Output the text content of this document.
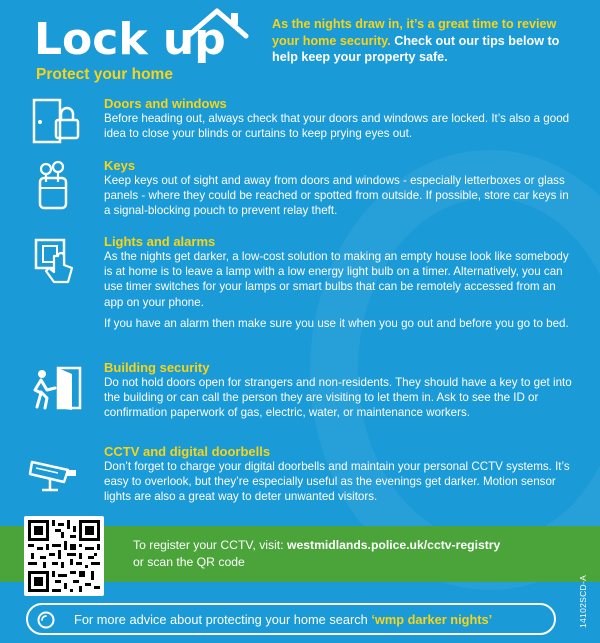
Lock up
Protect your home
As the nights draw in, it’s a great time to review your home security. Check out our tips below to help keep your property safe.
Doors and windows

Before heading out, always check that your doors and windows are locked. It’s also a good idea to close your blinds or curtains to keep prying eyes out.

Keys

Keep keys out of sight and away from doors and windows - especially letterboxes or glass panels - where they could be reached or spotted from outside. If possible, store car keys in a signal-blocking pouch to prevent relay theft.

Lights and alarms

As the nights get darker, a low-cost solution to making an empty house look like somebody is at home is to leave a lamp with a low energy light bulb on a timer. Alternatively, you can use timer switches for your lamps or smart bulbs that can be remotely accessed from an app on your phone.

If you have an alarm then make sure you use it when you go out and before you go to bed.

Building security

Do not hold doors open for strangers and non-residents. They should have a key to get into the building or can call the person they are visiting to let them in. Ask to see the ID or confirmation paperwork of gas, electric, water, or maintenance workers.

CCTV and digital doorbells

Don’t forget to charge your digital doorbells and maintain your personal CCTV systems. It’s easy to overlook, but they’re especially useful as the evenings get darker. Motion sensor lights are also a great way to deter unwanted visitors.

To register your CCTV, visit: westmidlands.police.uk/cctv-registry
or scan the QR code
For more advice about protecting your home search ‘wmp darker nights’	14102SCD-A
